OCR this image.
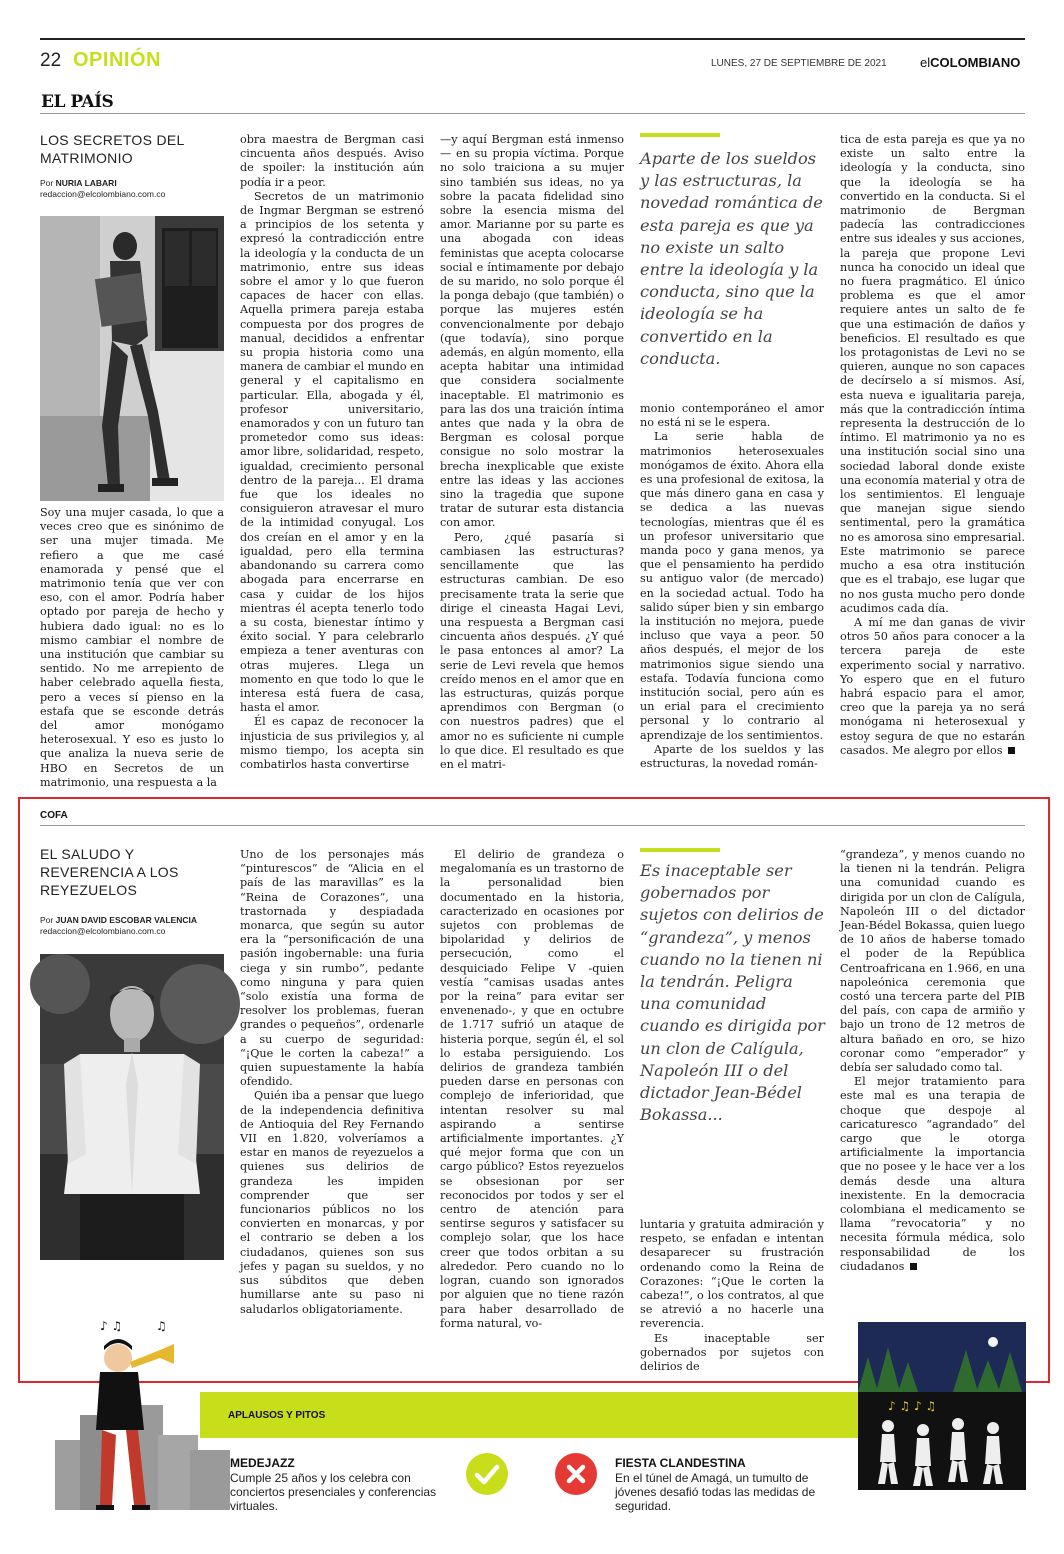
22 OPINIÓN	LUNES, 27 DE SEPTIEMBRE DE 2021	elCOLOMBIANO
EL PAÍS
LOS SECRETOS DEL MATRIMONIO
Por NURIA LABARI
redaccion@elcolombiano.com.co

Soy una mujer casada, lo que a veces creo que es sinónimo de ser una mujer timada. Me refiero a que me casé enamorada y pensé que el matrimonio tenía que ver con eso, con el amor. Podría haber optado por pareja de hecho y hubiera dado igual: no es lo mismo cambiar el nombre de una institución que cambiar su sentido. No me arrepiento de haber celebrado aquella fiesta, pero a veces sí pienso en la estafa que se esconde detrás del amor monógamo heterosexual. Y eso es justo lo que analiza la nueva serie de HBO en Secretos de un matrimonio, una respuesta a la

obra maestra de Bergman casi cincuenta años después. Aviso de spoiler: la institución aún podía ir a peor.

Secretos de un matrimonio de Ingmar Bergman se estrenó a principios de los setenta y expresó la contradicción entre la ideología y la conducta de un matrimonio, entre sus ideas sobre el amor y lo que fueron capaces de hacer con ellas. Aquella primera pareja estaba compuesta por dos progres de manual, decididos a enfrentar su propia historia como una manera de cambiar el mundo en general y el capitalismo en particular. Ella, abogada y él, profesor universitario, enamorados y con un futuro tan prometedor como sus ideas: amor libre, solidaridad, respeto, igualdad, crecimiento personal dentro de la pareja... El drama fue que los ideales no consiguieron atravesar el muro de la intimidad conyugal. Los dos creían en el amor y en la igualdad, pero ella termina abandonando su carrera como abogada para encerrarse en casa y cuidar de los hijos mientras él acepta tenerlo todo a su costa, bienestar íntimo y éxito social. Y para celebrarlo empieza a tener aventuras con otras mujeres. Llega un momento en que todo lo que le interesa está fuera de casa, hasta el amor.

Él es capaz de reconocer la injusticia de sus privilegios y, al mismo tiempo, los acepta sin combatirlos hasta convertirse

—y aquí Bergman está inmenso— en su propia víctima. Porque no solo traiciona a su mujer sino también sus ideas, no ya sobre la pacata fidelidad sino sobre la esencia misma del amor. Marianne por su parte es una abogada con ideas feministas que acepta colocarse social e íntimamente por debajo de su marido, no solo porque él la ponga debajo (que también) o porque las mujeres estén convencionalmente por debajo (que todavía), sino porque además, en algún momento, ella acepta habitar una intimidad que considera socialmente inaceptable. El matrimonio es para las dos una traición íntima antes que nada y la obra de Bergman es colosal porque consigue no solo mostrar la brecha inexplicable que existe entre las ideas y las acciones sino la tragedia que supone tratar de suturar esta distancia con amor.

Pero, ¿qué pasaría si cambiasen las estructuras? sencillamente que las estructuras cambian. De eso precisamente trata la serie que dirige el cineasta Hagai Levi, una respuesta a Bergman casi cincuenta años después. ¿Y qué le pasa entonces al amor? La serie de Levi revela que hemos creído menos en el amor que en las estructuras, quizás porque aprendimos con Bergman (o con nuestros padres) que el amor no es suficiente ni cumple lo que dice. El resultado es que en el matri-

Aparte de los sueldos y las estructuras, la novedad romántica de esta pareja es que ya no existe un salto entre la ideología y la conducta, sino que la ideología se ha convertido en la conducta.

monio contemporáneo el amor no está ni se le espera.

La serie habla de matrimonios heterosexuales monógamos de éxito. Ahora ella es una profesional de exitosa, la que más dinero gana en casa y se dedica a las nuevas tecnologías, mientras que él es un profesor universitario que manda poco y gana menos, ya que el pensamiento ha perdido su antiguo valor (de mercado) en la sociedad actual. Todo ha salido súper bien y sin embargo la institución no mejora, puede incluso que vaya a peor. 50 años después, el mejor de los matrimonios sigue siendo una estafa. Todavía funciona como institución social, pero aún es un erial para el crecimiento personal y lo contrario al aprendizaje de los sentimientos.

Aparte de los sueldos y las estructuras, la novedad román-

tica de esta pareja es que ya no existe un salto entre la ideología y la conducta, sino que la ideología se ha convertido en la conducta. Si el matrimonio de Bergman padecía las contradicciones entre sus ideales y sus acciones, la pareja que propone Levi nunca ha conocido un ideal que no fuera pragmático. El único problema es que el amor requiere antes un salto de fe que una estimación de daños y beneficios. El resultado es que los protagonistas de Levi no se quieren, aunque no son capaces de decírselo a sí mismos. Así, esta nueva e igualitaria pareja, más que la contradicción íntima representa la destrucción de lo íntimo. El matrimonio ya no es una institución social sino una sociedad laboral donde existe una economía material y otra de los sentimientos. El lenguaje que manejan sigue siendo sentimental, pero la gramática no es amorosa sino empresarial. Este matrimonio se parece mucho a esa otra institución que es el trabajo, ese lugar que no nos gusta mucho pero donde acudimos cada día.

A mí me dan ganas de vivir otros 50 años para conocer a la tercera pareja de este experimento social y narrativo. Yo espero que en el futuro habrá espacio para el amor, creo que la pareja ya no será monógama ni heterosexual y estoy segura de que no estarán casados. Me alegro por ellos

COFA
EL SALUDO Y REVERENCIA A LOS REYEZUELOS
Por JUAN DAVID ESCOBAR VALENCIA
redaccion@elcolombiano.com.co

Uno de los personajes más “pinturescos” de “Alicia en el país de las maravillas” es la “Reina de Corazones”, una trastornada y despiadada monarca, que según su autor era la “personificación de una pasión ingobernable: una furia ciega y sin rumbo”, pedante como ninguna y para quien “solo existía una forma de resolver los problemas, fueran grandes o pequeños”, ordenarle a su cuerpo de seguridad: “¡Que le corten la cabeza!” a quien supuestamente la había ofendido.

Quién iba a pensar que luego de la independencia definitiva de Antioquia del Rey Fernando VII en 1.820, volveríamos a estar en manos de reyezuelos a quienes sus delirios de grandeza les impiden comprender que ser funcionarios públicos no los convierten en monarcas, y por el contrario se deben a los ciudadanos, quienes son sus jefes y pagan su sueldos, y no sus súbditos que deben humillarse ante su paso ni saludarlos obligatoriamente.

El delirio de grandeza o megalomanía es un trastorno de la personalidad bien documentado en la historia, caracterizado en ocasiones por sujetos con problemas de bipolaridad y delirios de persecución, como el desquiciado Felipe V -quien vestía “camisas usadas antes por la reina” para evitar ser envenenado-, y que en octubre de 1.717 sufrió un ataque de histeria porque, según él, el sol lo estaba persiguiendo. Los delirios de grandeza también pueden darse en personas con complejo de inferioridad, que intentan resolver su mal aspirando a sentirse artificialmente importantes. ¿Y qué mejor forma que con un cargo público? Estos reyezuelos se obsesionan por ser reconocidos por todos y ser el centro de atención para sentirse seguros y satisfacer su complejo solar, que los hace creer que todos orbitan a su alrededor. Pero cuando no lo logran, cuando son ignorados por alguien que no tiene razón para haber desarrollado de forma natural, vo-

Es inaceptable ser gobernados por sujetos con delirios de “grandeza”, y menos cuando no la tienen ni la tendrán. Peligra una comunidad cuando es dirigida por un clon de Calígula, Napoleón III o del dictador Jean-Bédel Bokassa...

luntaria y gratuita admiración y respeto, se enfadan e intentan desaparecer su frustración ordenando como la Reina de Corazones: “¡Que le corten la cabeza!”, o los contratos, al que se atrevió a no hacerle una reverencia.

Es inaceptable ser gobernados por sujetos con delirios de

“grandeza”, y menos cuando no la tienen ni la tendrán. Peligra una comunidad cuando es dirigida por un clon de Calígula, Napoleón III o del dictador Jean-Bédel Bokassa, quien luego de 10 años de haberse tomado el poder de la República Centroafricana en 1.966, en una napoleónica ceremonia que costó una tercera parte del PIB del país, con capa de armiño y bajo un trono de 12 metros de altura bañado en oro, se hizo coronar como “emperador” y debía ser saludado como tal.

El mejor tratamiento para este mal es una terapia de choque que despoje al caricaturesco “agrandado” del cargo que le otorga artificialmente la importancia que no posee y le hace ver a los demás desde una altura inexistente. En la democracia colombiana el medicamento se llama “revocatoria” y no necesita fórmula médica, solo responsabilidad de los ciudadanos

♪ ♫	♫
APLAUSOS Y PITOS
MEDEJAZZ
Cumple 25 años y los celebra con conciertos presenciales y conferencias virtuales.
FIESTA CLANDESTINA
En el túnel de Amagá, un tumulto de jóvenes desafió todas las medidas de seguridad.
♪ ♫ ♪ ♫
